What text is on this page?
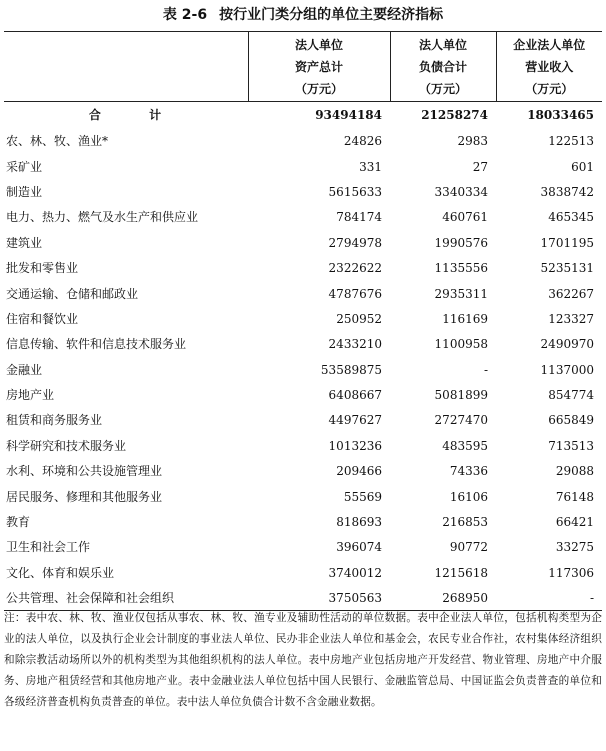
表 2-6 按行业门类分组的单位主要经济指标

	法人单位
资产总计
（万元）	法人单位
负债合计
（万元）	企业法人单位
营业收入
（万元）

合 计	93494184	21258274	18033465
农、林、牧、渔业*	24826	2983	122513
采矿业	331	27	601
制造业	5615633	3340334	3838742
电力、热力、燃气及水生产和供应业	784174	460761	465345
建筑业	2794978	1990576	1701195
批发和零售业	2322622	1135556	5235131
交通运输、仓储和邮政业	4787676	2935311	362267
住宿和餐饮业	250952	116169	123327
信息传输、软件和信息技术服务业	2433210	1100958	2490970
金融业	53589875	-	1137000
房地产业	6408667	5081899	854774
租赁和商务服务业	4497627	2727470	665849
科学研究和技术服务业	1013236	483595	713513
水利、环境和公共设施管理业	209466	74336	29088
居民服务、修理和其他服务业	55569	16106	76148
教育	818693	216853	66421
卫生和社会工作	396074	90772	33275
文化、体育和娱乐业	3740012	1215618	117306
公共管理、社会保障和社会组织	3750563	268950	-
注：表中农、林、牧、渔业仅包括从事农、林、牧、渔专业及辅助性活动的单位数据。表中企业法人单位，包括机构类型为企业的法人单位，以及执行企业会计制度的事业法人单位、民办非企业法人单位和基金会，农民专业合作社，农村集体经济组织和除宗教活动场所以外的机构类型为其他组织机构的法人单位。表中房地产业包括房地产开发经营、物业管理、房地产中介服务、房地产租赁经营和其他房地产业。表中金融业法人单位包括中国人民银行、金融监管总局、中国证监会负责普查的单位和各级经济普查机构负责普查的单位。表中法人单位负债合计数不含金融业数据。
